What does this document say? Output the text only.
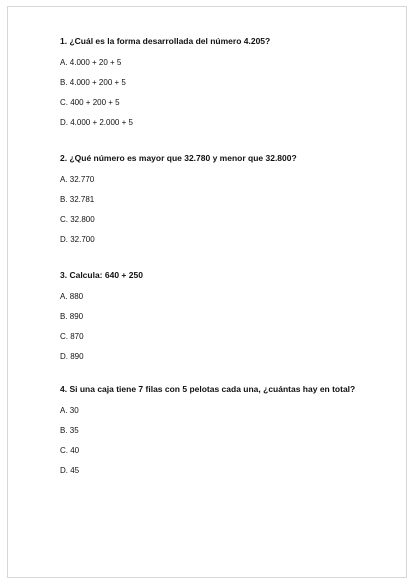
1. ¿Cuál es la forma desarrollada del número 4.205?

A. 4.000 + 20 + 5
B. 4.000 + 200 + 5
C. 400 + 200 + 5
D. 4.000 + 2.000 + 5

2. ¿Qué número es mayor que 32.780 y menor que 32.800?

A. 32.770
B. 32.781
C. 32.800
D. 32.700

3. Calcula: 640 + 250

A. 880
B. 890
C. 870
D. 890

4. Si una caja tiene 7 filas con 5 pelotas cada una, ¿cuántas hay en total?

A. 30
B. 35
C. 40
D. 45
